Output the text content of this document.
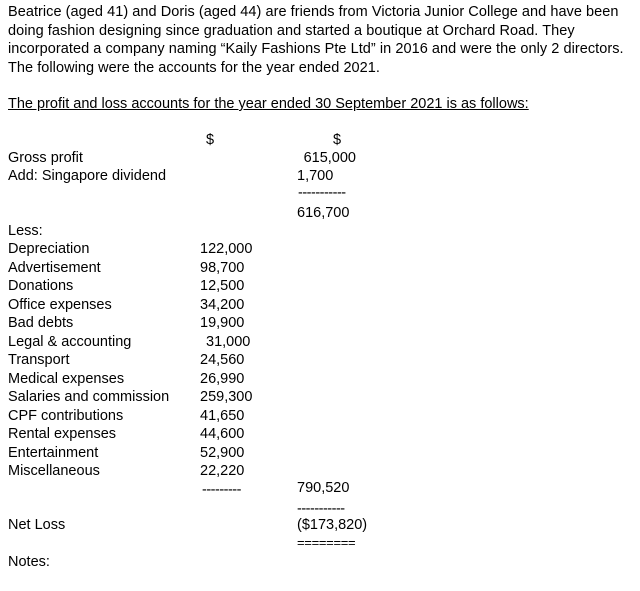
Beatrice (aged 41) and Doris (aged 44) are friends from Victoria Junior College and have been doing fashion designing since graduation and started a boutique at Orchard Road. They incorporated a company naming “Kaily Fashions Pte Ltd” in 2016 and were the only 2 directors. The following were the accounts for the year ended 2021.
The profit and loss accounts for the year ended 30 September 2021 is as follows:
$	$
Gross profit	615,000
Add: Singapore dividend	1,700
-----------
616,700
Less:
Depreciation	122,000
Advertisement	98,700
Donations	12,500
Office expenses	34,200
Bad debts	19,900
Legal & accounting	31,000
Transport	24,560
Medical expenses	26,990
Salaries and commission 259,300
CPF contributions	41,650
Rental expenses	44,600
Entertainment	52,900
Miscellaneous	22,220
---------	790,520
-----------
Net Loss	($173,820)
========
Notes:
